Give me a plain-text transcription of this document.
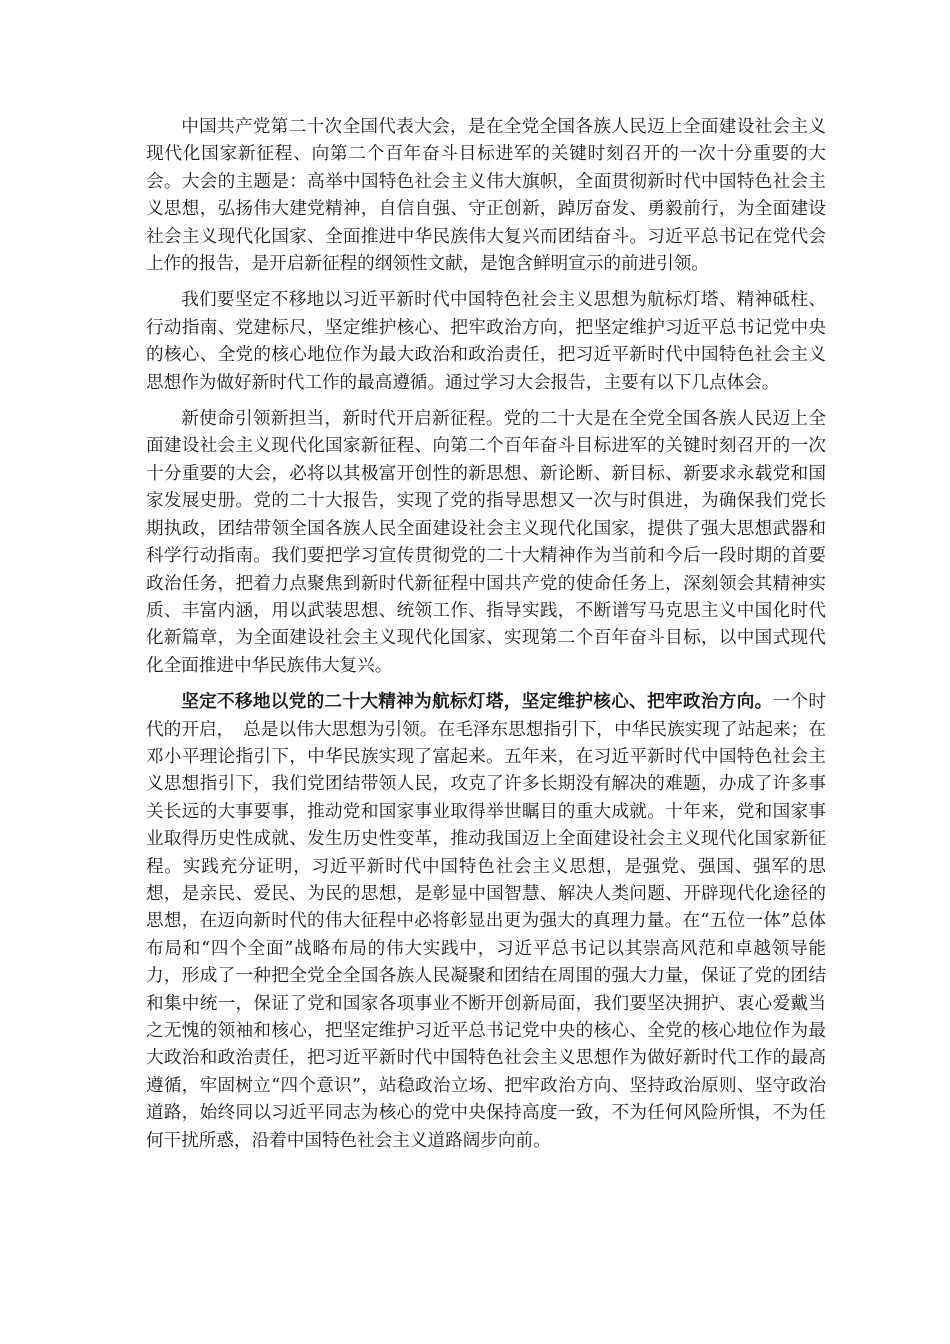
中国共产党第二十次全国代表大会，是在全党全国各族人民迈上全面建设社会主义现代化国家新征程、向第二个百年奋斗目标进军的关键时刻召开的一次十分重要的大会。大会的主题是：高举中国特色社会主义伟大旗帜，全面贯彻新时代中国特色社会主义思想，弘扬伟大建党精神，自信自强、守正创新，踔厉奋发、勇毅前行，为全面建设社会主义现代化国家、全面推进中华民族伟大复兴而团结奋斗。习近平总书记在党代会上作的报告，是开启新征程的纲领性文献，是饱含鲜明宣示的前进引领。

我们要坚定不移地以习近平新时代中国特色社会主义思想为航标灯塔、精神砥柱、行动指南、党建标尺，坚定维护核心、把牢政治方向，把坚定维护习近平总书记党中央的核心、全党的核心地位作为最大政治和政治责任，把习近平新时代中国特色社会主义思想作为做好新时代工作的最高遵循。通过学习大会报告，主要有以下几点体会。

新使命引领新担当，新时代开启新征程。党的二十大是在全党全国各族人民迈上全面建设社会主义现代化国家新征程、向第二个百年奋斗目标进军的关键时刻召开的一次十分重要的大会，必将以其极富开创性的新思想、新论断、新目标、新要求永载党和国家发展史册。党的二十大报告，实现了党的指导思想又一次与时俱进，为确保我们党长期执政，团结带领全国各族人民全面建设社会主义现代化国家，提供了强大思想武器和科学行动指南。我们要把学习宣传贯彻党的二十大精神作为当前和今后一段时期的首要政治任务，把着力点聚焦到新时代新征程中国共产党的使命任务上，深刻领会其精神实质、丰富内涵，用以武装思想、统领工作、指导实践，不断谱写马克思主义中国化时代化新篇章，为全面建设社会主义现代化国家、实现第二个百年奋斗目标，以中国式现代化全面推进中华民族伟大复兴。

坚定不移地以党的二十大精神为航标灯塔，坚定维护核心、把牢政治方向。一个时代的开启，　总是以伟大思想为引领。在毛泽东思想指引下，中华民族实现了站起来；在邓小平理论指引下，中华民族实现了富起来。五年来，在习近平新时代中国特色社会主义思想指引下，我们党团结带领人民，攻克了许多长期没有解决的难题，办成了许多事关长远的大事要事，推动党和国家事业取得举世瞩目的重大成就。十年来，党和国家事业取得历史性成就、发生历史性变革，推动我国迈上全面建设社会主义现代化国家新征程。实践充分证明，习近平新时代中国特色社会主义思想，是强党、强国、强军的思想，是亲民、爱民、为民的思想，是彰显中国智慧、解决人类问题、开辟现代化途径的思想，在迈向新时代的伟大征程中必将彰显出更为强大的真理力量。在“五位一体”总体布局和“四个全面”战略布局的伟大实践中，习近平总书记以其崇高风范和卓越领导能力，形成了一种把全党全全国各族人民凝聚和团结在周围的强大力量，保证了党的团结和集中统一，保证了党和国家各项事业不断开创新局面，我们要坚决拥护、衷心爱戴当之无愧的领袖和核心，把坚定维护习近平总书记党中央的核心、全党的核心地位作为最大政治和政治责任，把习近平新时代中国特色社会主义思想作为做好新时代工作的最高遵循，牢固树立“四个意识”，站稳政治立场、把牢政治方向、坚持政治原则、坚守政治道路，始终同以习近平同志为核心的党中央保持高度一致，不为任何风险所惧，不为任何干扰所惑，沿着中国特色社会主义道路阔步向前。
